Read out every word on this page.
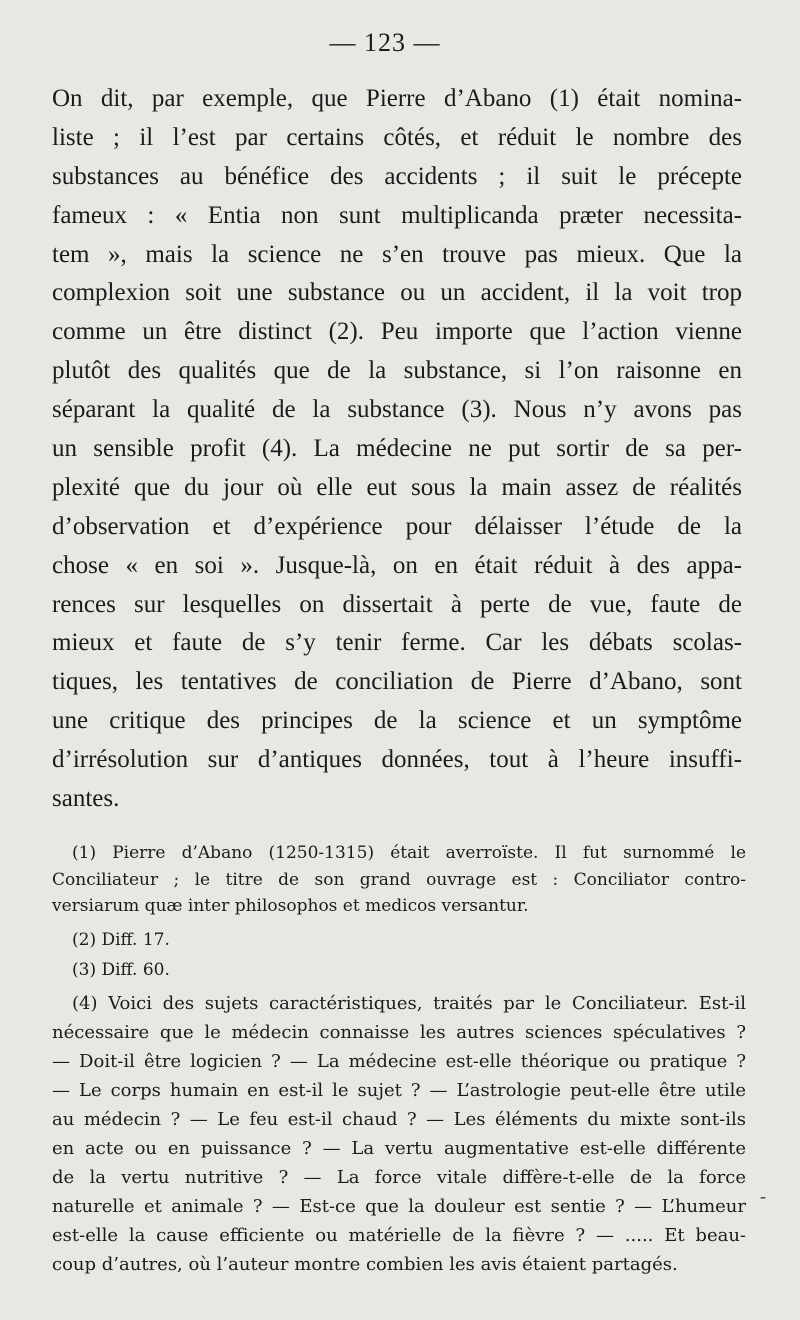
— 123 —
On dit, par exemple, que Pierre d’Abano (1) était nomina-
liste ; il l’est par certains côtés, et réduit le nombre des
substances au bénéfice des accidents ; il suit le précepte
fameux : « Entia non sunt multiplicanda præter necessita-
tem », mais la science ne s’en trouve pas mieux. Que la
complexion soit une substance ou un accident, il la voit trop
comme un être distinct (2). Peu importe que l’action vienne
plutôt des qualités que de la substance, si l’on raisonne en
séparant la qualité de la substance (3). Nous n’y avons pas
un sensible profit (4). La médecine ne put sortir de sa per-
plexité que du jour où elle eut sous la main assez de réalités
d’observation et d’expérience pour délaisser l’étude de la
chose « en soi ». Jusque-là, on en était réduit à des appa-
rences sur lesquelles on dissertait à perte de vue, faute de
mieux et faute de s’y tenir ferme. Car les débats scolas-
tiques, les tentatives de conciliation de Pierre d’Abano, sont
une critique des principes de la science et un symptôme
d’irrésolution sur d’antiques données, tout à l’heure insuffi-
santes.
(1) Pierre d’Abano (1250-1315) était averroïste. Il fut surnommé le
Conciliateur ; le titre de son grand ouvrage est : Conciliator contro-
versiarum quæ inter philosophos et medicos versantur.
(2) Diff. 17.
(3) Diff. 60.
(4) Voici des sujets caractéristiques, traités par le Conciliateur. Est-il
nécessaire que le médecin connaisse les autres sciences spéculatives ?
— Doit-il être logicien ? — La médecine est-elle théorique ou pratique ?
— Le corps humain en est-il le sujet ? — L’astrologie peut-elle être utile
au médecin ? — Le feu est-il chaud ? — Les éléments du mixte sont-ils
en acte ou en puissance ? — La vertu augmentative est-elle différente
de la vertu nutritive ? — La force vitale diffère-t-elle de la force
naturelle et animale ? — Est-ce que la douleur est sentie ? — L’humeur
est-elle la cause efficiente ou matérielle de la fièvre ? — ..... Et beau-
coup d’autres, où l’auteur montre combien les avis étaient partagés.
-
